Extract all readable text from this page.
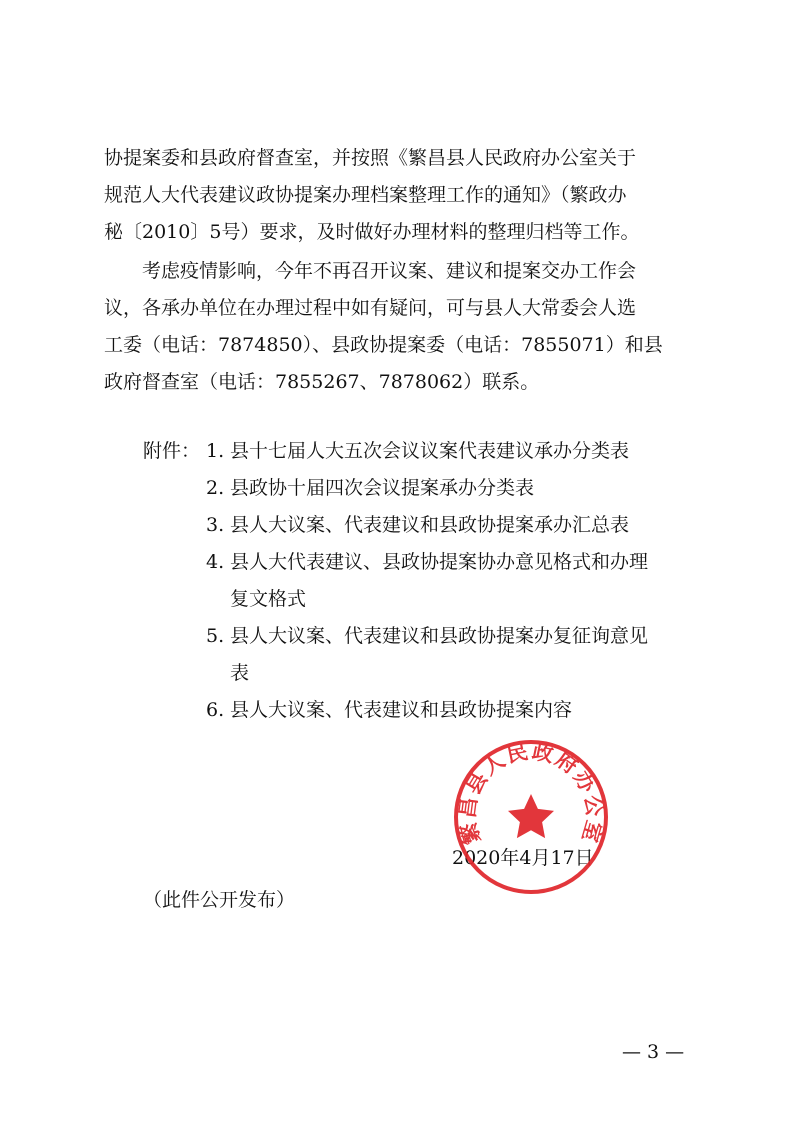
协提案委和县政府督查室，并按照《繁昌县人民政府办公室关于
规范人大代表建议政协提案办理档案整理工作的通知》（繁政办
秘〔2010〕5号）要求，及时做好办理材料的整理归档等工作。

　　考虑疫情影响，今年不再召开议案、建议和提案交办工作会
议，各承办单位在办理过程中如有疑问，可与县人大常委会人选
工委（电话：7874850）、县政协提案委（电话：7855071）和县
政府督查室（电话：7855267、7878062）联系。

附件： 1. 县十七届人大五次会议议案代表建议承办分类表
2. 县政协十届四次会议提案承办分类表
3. 县人大议案、代表建议和县政协提案承办汇总表
4. 县人大代表建议、县政协提案协办意见格式和办理
复文格式
5. 县人大议案、代表建议和县政协提案办复征询意见
表
6. 县人大议案、代表建议和县政协提案内容
2020年4月17日
繁昌县人民政府办公室
（此件公开发布）
— 3 —
